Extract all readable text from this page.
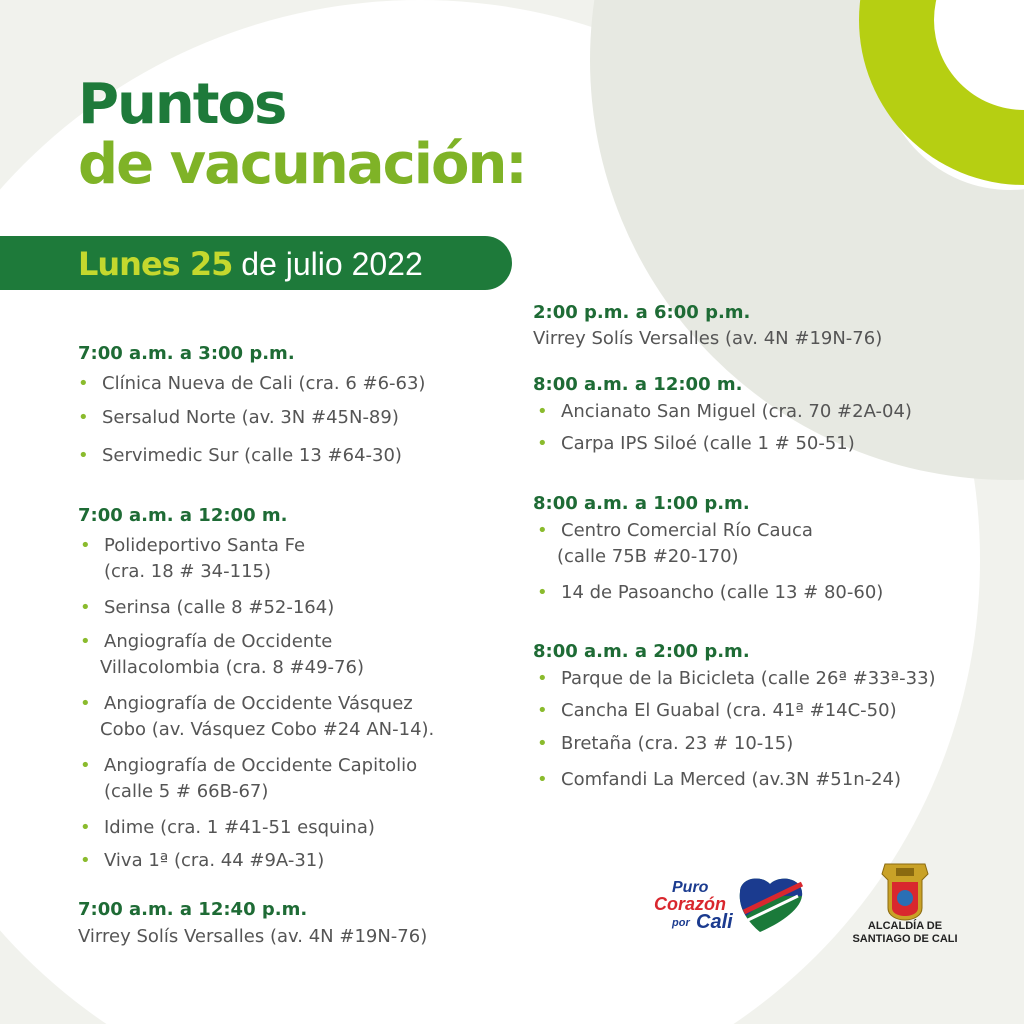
Puntos
de vacunación:
Lunes 25 de julio 2022
7:00 a.m. a 3:00 p.m.
• Clínica Nueva de Cali (cra. 6 #6-63)
• Sersalud Norte (av. 3N #45N-89)
• Servimedic Sur (calle 13 #64-30)
7:00 a.m. a 12:00 m.
• Polideportivo Santa Fe
(cra. 18 # 34-115)
• Serinsa (calle 8 #52-164)
• Angiografía de Occidente
Villacolombia (cra. 8 #49-76)
• Angiografía de Occidente Vásquez
Cobo (av. Vásquez Cobo #24 AN-14).
• Angiografía de Occidente Capitolio
(calle 5 # 66B-67)
• Idime (cra. 1 #41-51 esquina)
• Viva 1ª (cra. 44 #9A-31)
7:00 a.m. a 12:40 p.m.
Virrey Solís Versalles (av. 4N #19N-76)
2:00 p.m. a 6:00 p.m.
Virrey Solís Versalles (av. 4N #19N-76)
8:00 a.m. a 12:00 m.
• Ancianato San Miguel (cra. 70 #2A-04)
• Carpa IPS Siloé (calle 1 # 50-51)
8:00 a.m. a 1:00 p.m.
• Centro Comercial Río Cauca
(calle 75B #20-170)
• 14 de Pasoancho (calle 13 # 80-60)
8:00 a.m. a 2:00 p.m.
• Parque de la Bicicleta (calle 26ª #33ª-33)
• Cancha El Guabal (cra. 41ª #14C-50)
• Bretaña (cra. 23 # 10-15)
• Comfandi La Merced (av.3N #51n-24)
Puro
Corazón
por Cali	ALCALDÍA DE
SANTIAGO DE CALI
